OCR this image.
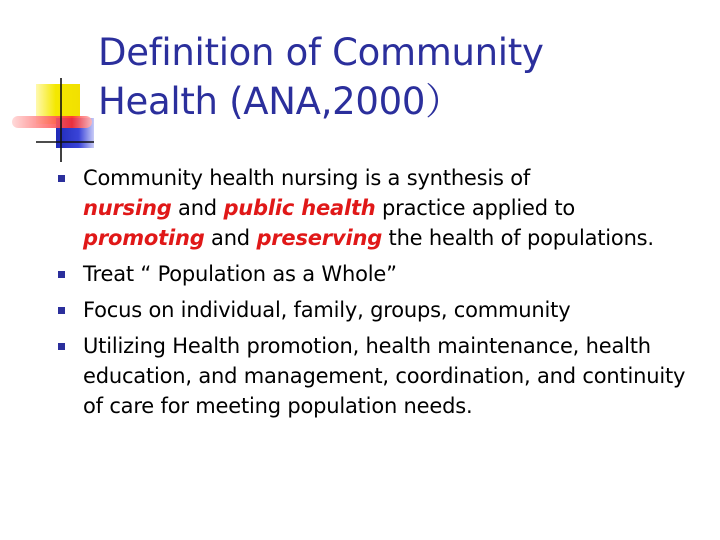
Definition of Community
Health (ANA,2000）
Community health nursing is a synthesis of
nursing and public health practice applied to
promoting and preserving the health of populations.
Treat “ Population as a Whole”
Focus on individual, family, groups, community
Utilizing Health promotion, health maintenance, health education, and management, coordination, and continuity of care for meeting population needs.
